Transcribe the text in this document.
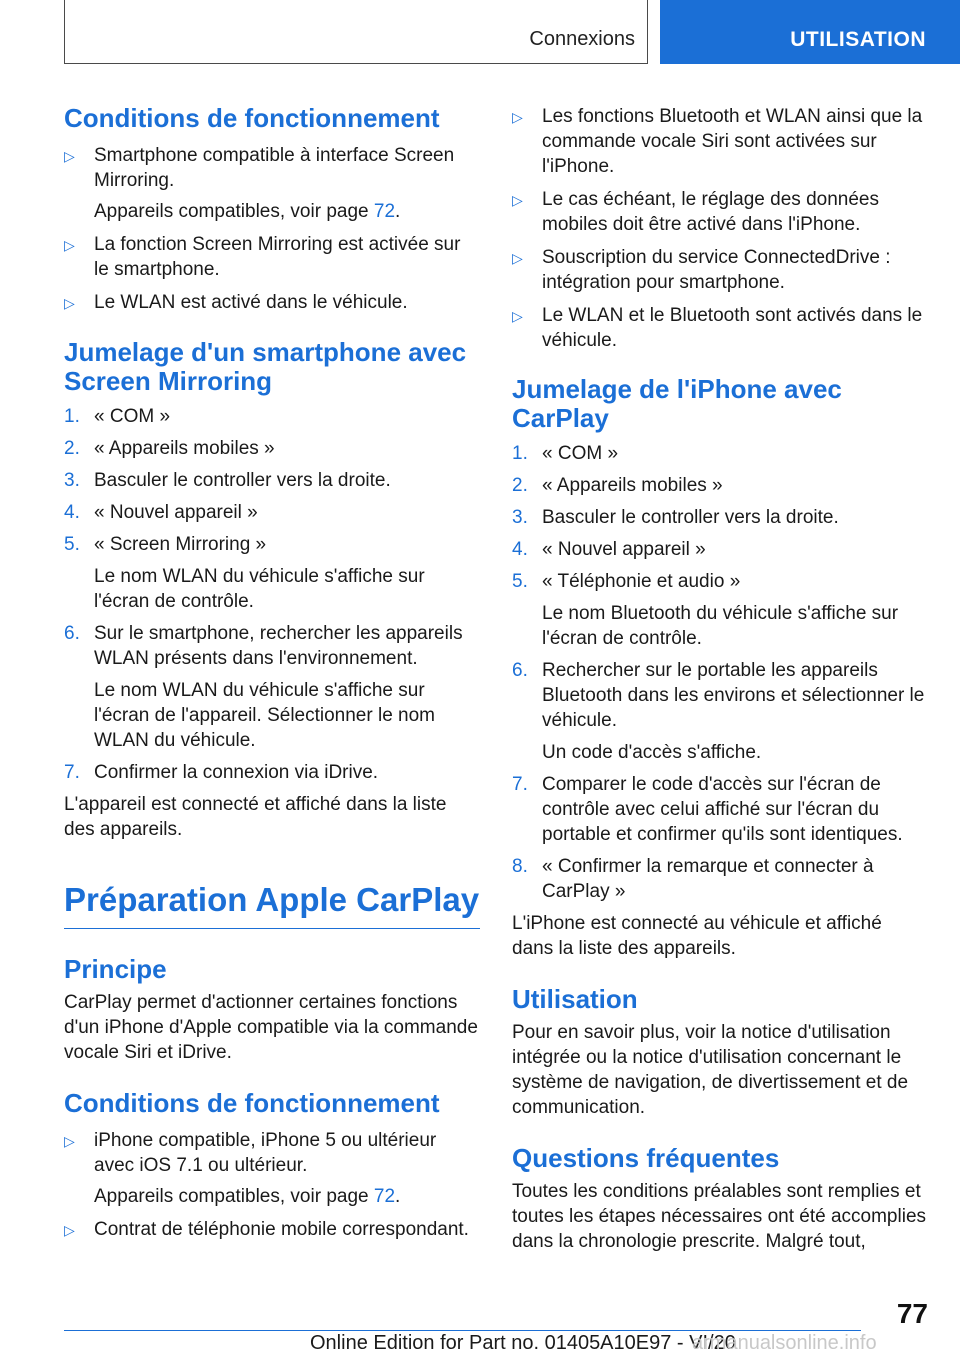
Connexions	UTILISATION
Conditions de fonctionnement
▷	Smartphone compatible à interface Screen Mirroring.

Appareils compatibles, voir page 72.

▷	La fonction Screen Mirroring est activée sur le smartphone.
▷	Le WLAN est activé dans le véhicule.
Jumelage d'un smartphone avec Screen Mirroring
1. « COM »
2. « Appareils mobiles »
3. Basculer le controller vers la droite.
4. « Nouvel appareil »
5. « Screen Mirroring »

Le nom WLAN du véhicule s'affiche sur l'écran de contrôle.

6. Sur le smartphone, rechercher les appareils WLAN présents dans l'environnement.

Le nom WLAN du véhicule s'affiche sur l'écran de l'appareil. Sélectionner le nom WLAN du véhicule.

7. Confirmer la connexion via iDrive.

L'appareil est connecté et affiché dans la liste des appareils.

Préparation Apple CarPlay
Principe

CarPlay permet d'actionner certaines fonctions d'un iPhone d'Apple compatible via la commande vocale Siri et iDrive.

Conditions de fonctionnement
▷	iPhone compatible, iPhone 5 ou ultérieur avec iOS 7.1 ou ultérieur.

Appareils compatibles, voir page 72.

▷	Contrat de téléphonie mobile correspondant.
▷	Les fonctions Bluetooth et WLAN ainsi que la commande vocale Siri sont activées sur l'iPhone.
▷	Le cas échéant, le réglage des données mobiles doit être activé dans l'iPhone.
▷	Souscription du service ConnectedDrive : intégration pour smartphone.
▷	Le WLAN et le Bluetooth sont activés dans le véhicule.
Jumelage de l'iPhone avec CarPlay
1. « COM »
2. « Appareils mobiles »
3. Basculer le controller vers la droite.
4. « Nouvel appareil »
5. « Téléphonie et audio »

Le nom Bluetooth du véhicule s'affiche sur l'écran de contrôle.

6. Rechercher sur le portable les appareils Bluetooth dans les environs et sélectionner le véhicule.

Un code d'accès s'affiche.

7. Comparer le code d'accès sur l'écran de contrôle avec celui affiché sur l'écran du portable et confirmer qu'ils sont identiques.
8. « Confirmer la remarque et connecter à CarPlay »

L'iPhone est connecté au véhicule et affiché dans la liste des appareils.

Utilisation

Pour en savoir plus, voir la notice d'utilisation intégrée ou la notice d'utilisation concernant le système de navigation, de divertissement et de communication.

Questions fréquentes

Toutes les conditions préalables sont remplies et toutes les étapes nécessaires ont été accomplies dans la chronologie prescrite. Malgré tout,

77
Online Edition for Part no. 01405A10E97 - VI/20
armanualsonline.info
